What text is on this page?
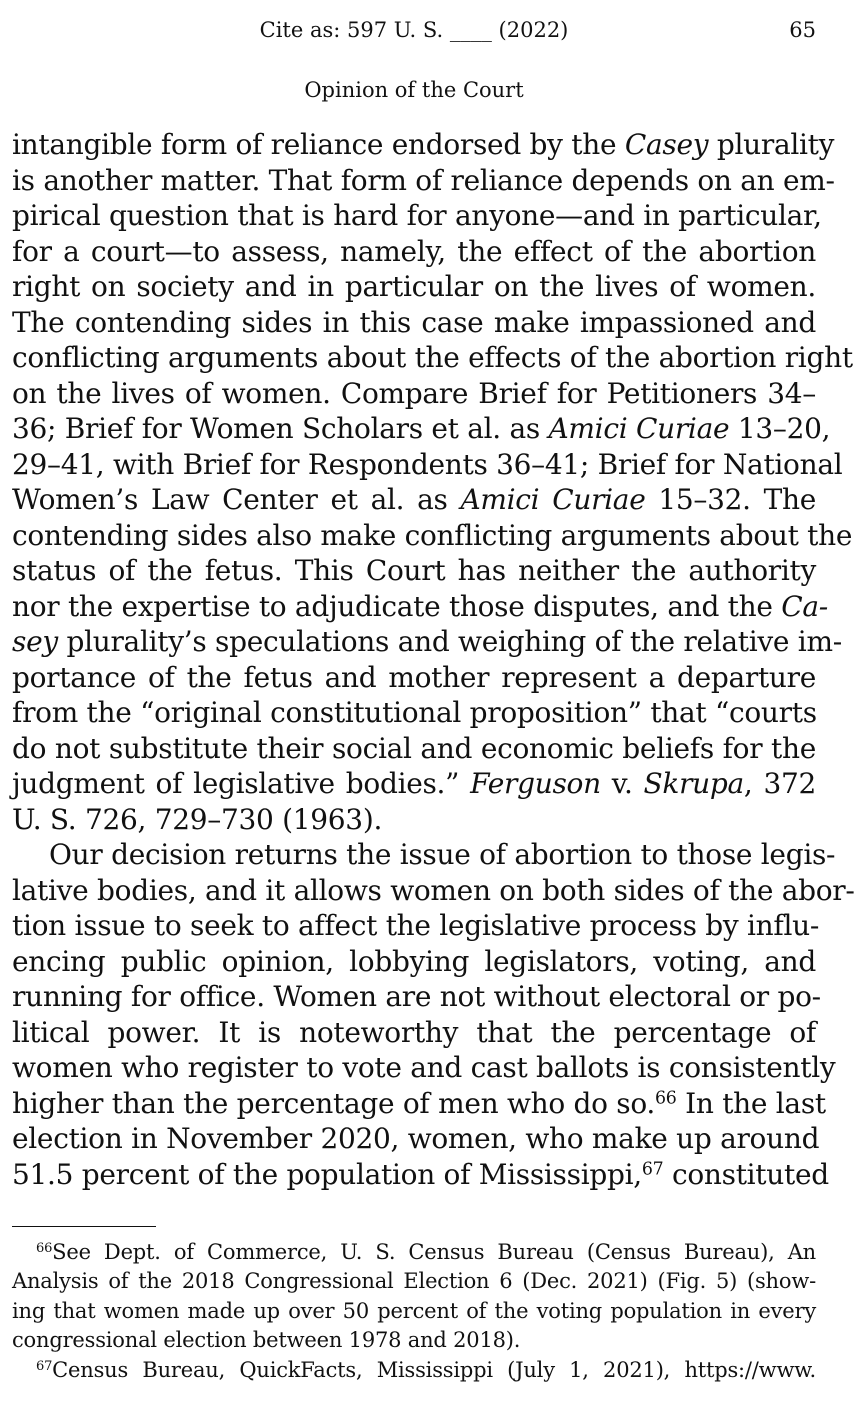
Cite as: 597 U. S. ____ (2022)	65
Opinion of the Court
intangible form of reliance endorsed by the Casey plurality
is another matter. That form of reliance depends on an em-
pirical question that is hard for anyone—and in particular,
for a court—to assess, namely, the effect of the abortion
right on society and in particular on the lives of women.
The contending sides in this case make impassioned and
conflicting arguments about the effects of the abortion right
on the lives of women. Compare Brief for Petitioners 34–
36; Brief for Women Scholars et al. as Amici Curiae 13–20,
29–41, with Brief for Respondents 36–41; Brief for National
Women’s Law Center et al. as Amici Curiae 15–32. The
contending sides also make conflicting arguments about the
status of the fetus. This Court has neither the authority
nor the expertise to adjudicate those disputes, and the Ca-
sey plurality’s speculations and weighing of the relative im-
portance of the fetus and mother represent a departure
from the “original constitutional proposition” that “courts
do not substitute their social and economic beliefs for the
judgment of legislative bodies.” Ferguson v. Skrupa, 372
U. S. 726, 729–730 (1963).
Our decision returns the issue of abortion to those legis-
lative bodies, and it allows women on both sides of the abor-
tion issue to seek to affect the legislative process by influ-
encing public opinion, lobbying legislators, voting, and
running for office. Women are not without electoral or po-
litical power. It is noteworthy that the percentage of
women who register to vote and cast ballots is consistently
higher than the percentage of men who do so.$^{66}$ In the last
election in November 2020, women, who make up around
51.5 percent of the population of Mississippi,$^{67}$ constituted
$^{66}$See Dept. of Commerce, U. S. Census Bureau (Census Bureau), An
Analysis of the 2018 Congressional Election 6 (Dec. 2021) (Fig. 5) (show-
ing that women made up over 50 percent of the voting population in every
congressional election between 1978 and 2018).
$^{67}$Census Bureau, QuickFacts, Mississippi (July 1, 2021), https://www.
